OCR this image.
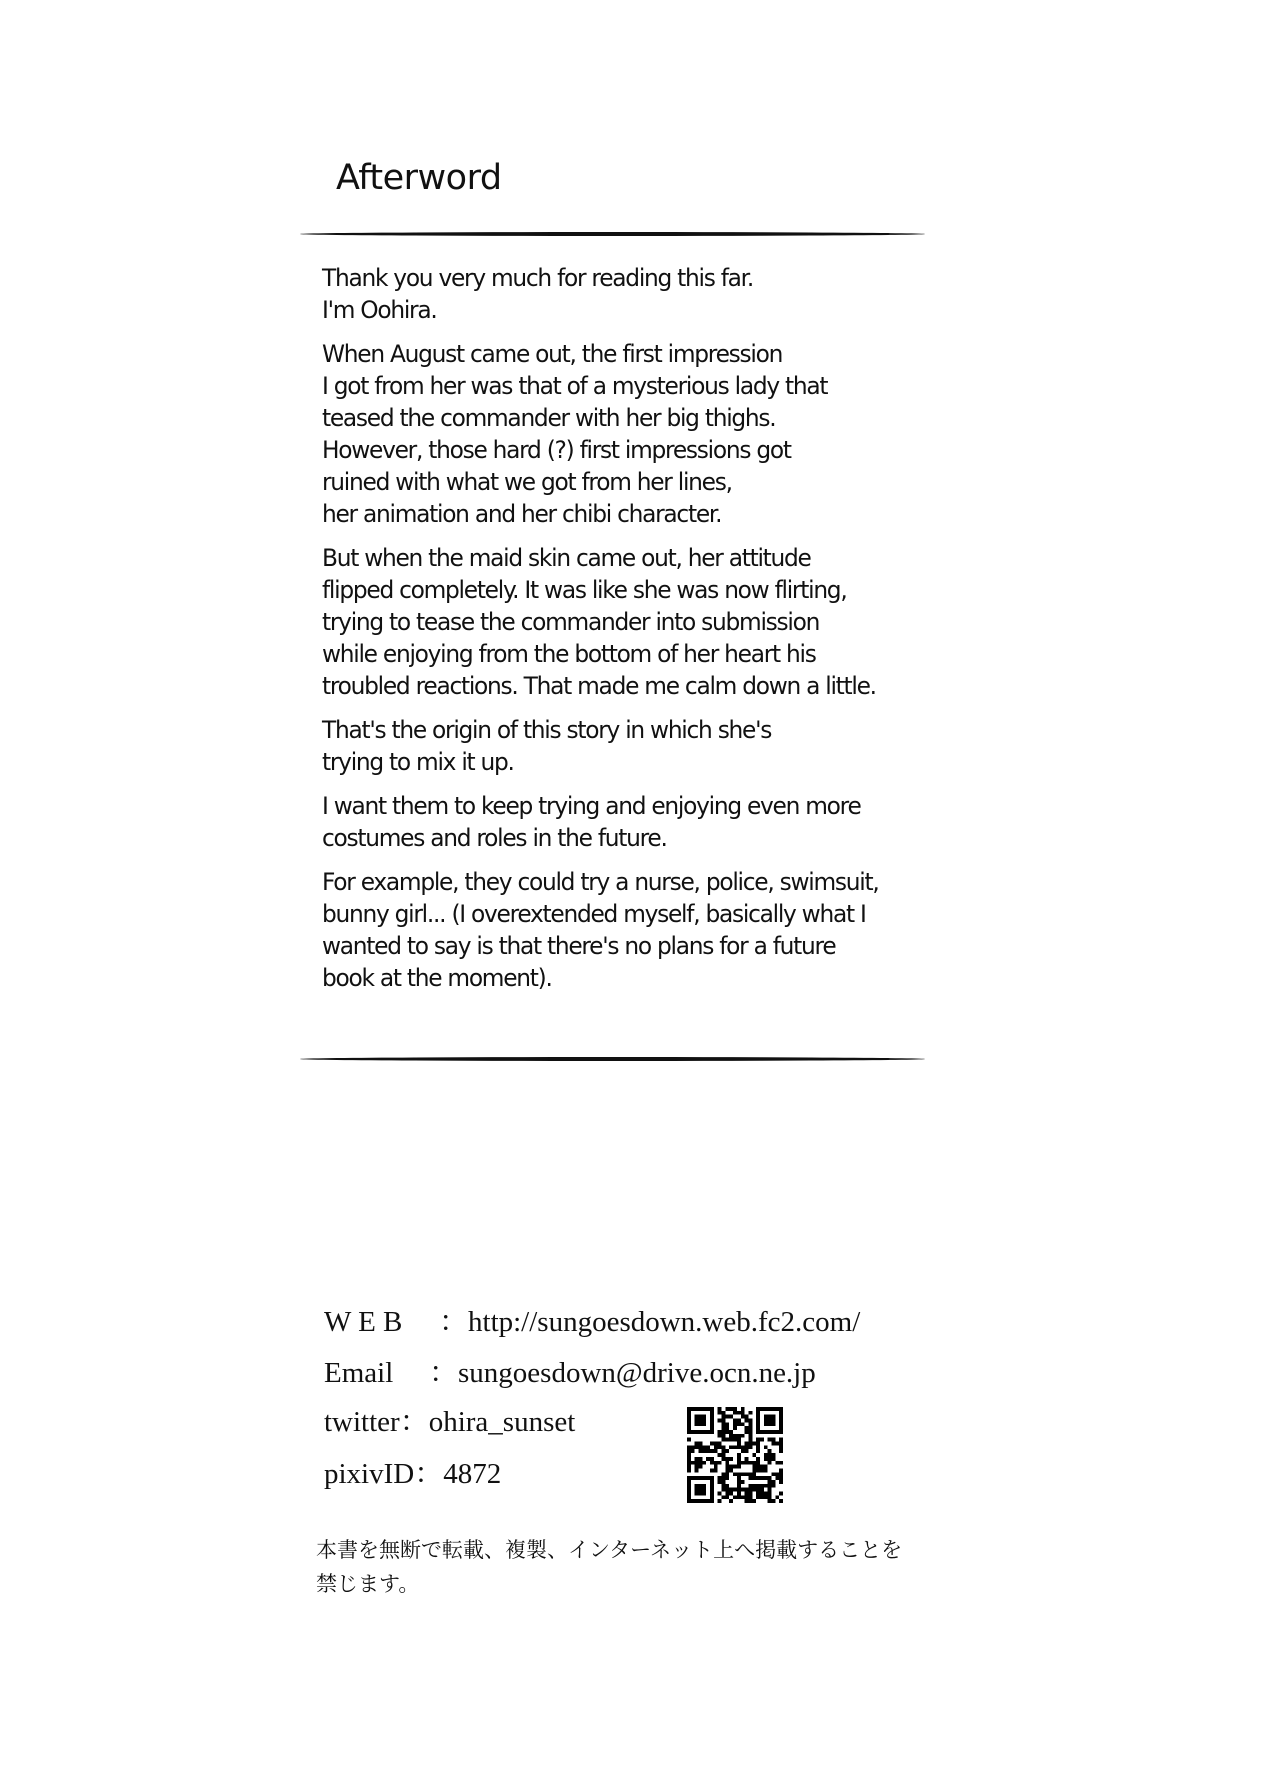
Afterword
Thank you very much for reading this far.
I'm Oohira.
When August came out, the first impression
I got from her was that of a mysterious lady that
teased the commander with her big thighs.
However, those hard (?) first impressions got
ruined with what we got from her lines,
her animation and her chibi character.
But when the maid skin came out, her attitude
flipped completely. It was like she was now flirting,
trying to tease the commander into submission
while enjoying from the bottom of her heart his
troubled reactions. That made me calm down a little.
That's the origin of this story in which she's
trying to mix it up.
I want them to keep trying and enjoying even more
costumes and roles in the future.
For example, they could try a nurse, police, swimsuit,
bunny girl... (I overextended myself, basically what I
wanted to say is that there's no plans for a future
book at the moment).
W E B ：http://sungoesdown.web.fc2.com/
Email ：sungoesdown@drive.ocn.ne.jp
twitter：ohira_sunset
pixivID：4872
本書を無断で転載、複製、インターネット上へ掲載することを
禁じます。
